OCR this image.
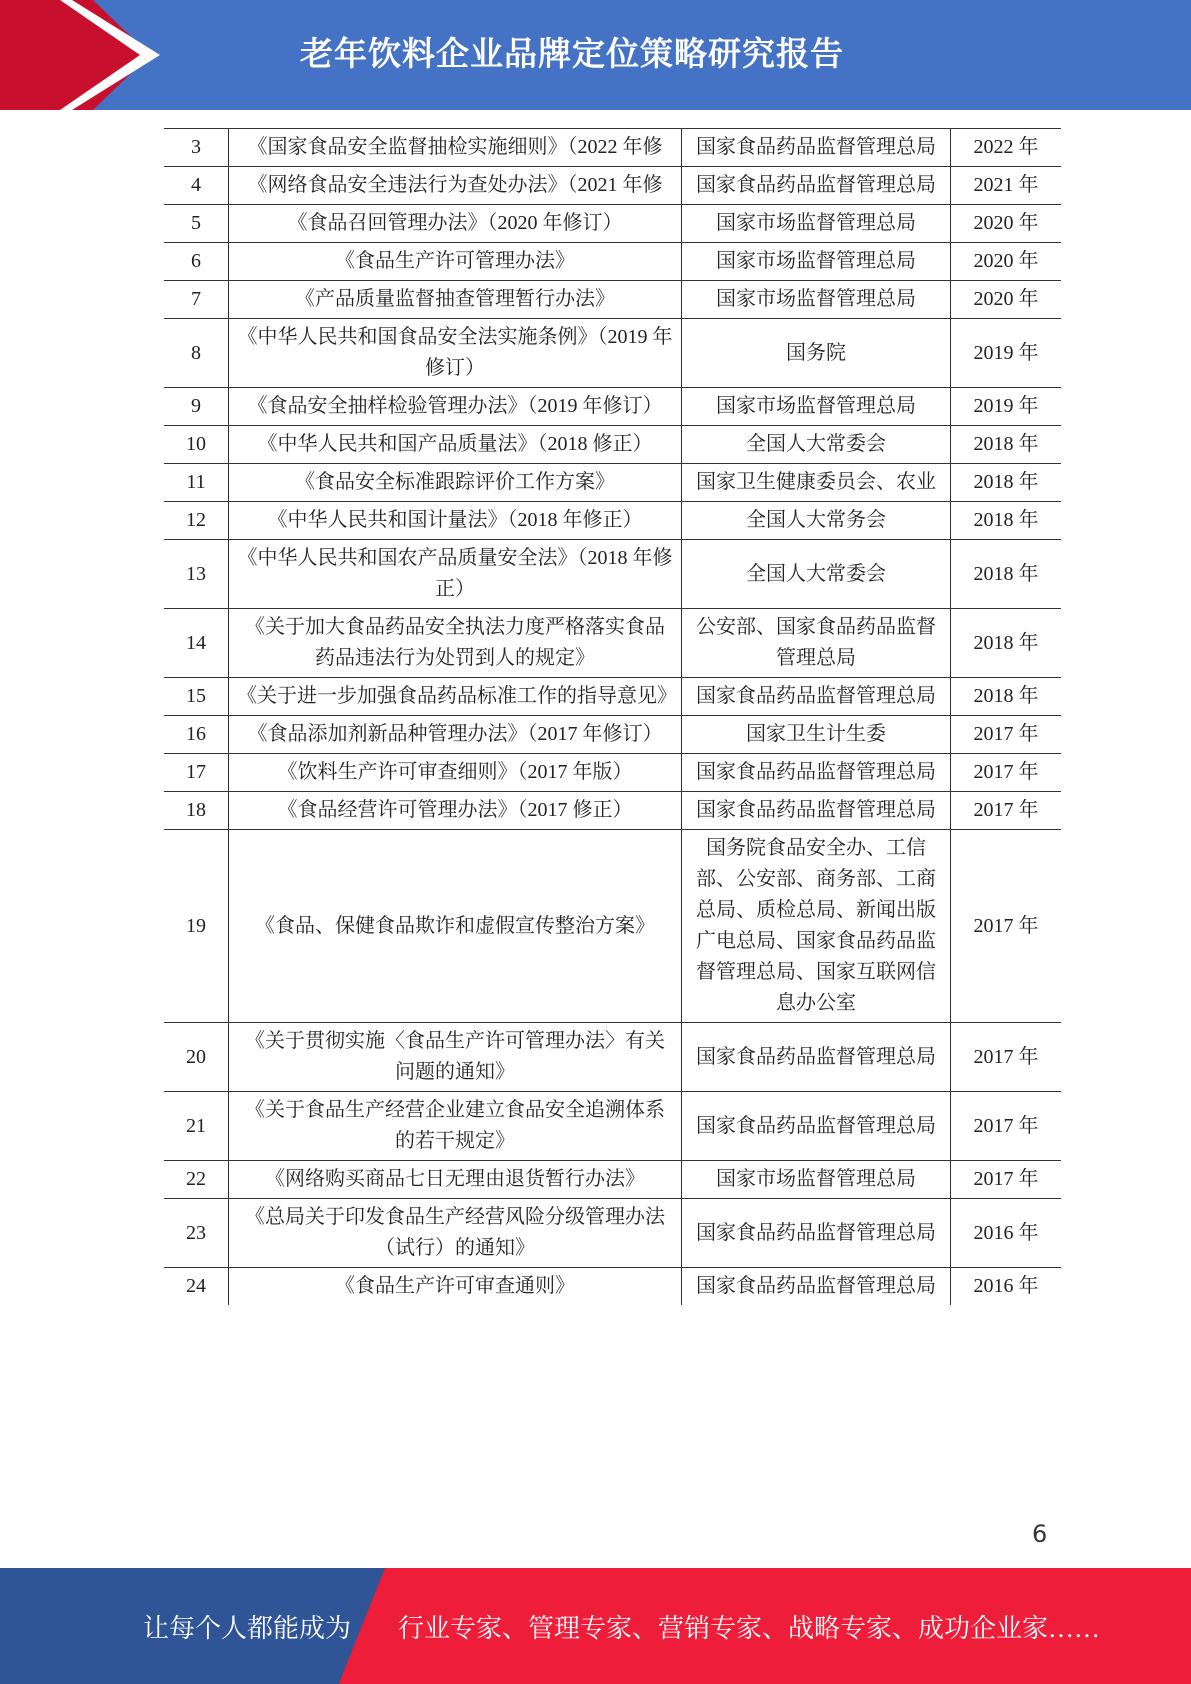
老年饮料企业品牌定位策略研究报告
3	《国家食品安全监督抽检实施细则》（2022 年修	国家食品药品监督管理总局	2022 年

4	《网络食品安全违法行为查处办法》（2021 年修	国家食品药品监督管理总局	2021 年

5	《食品召回管理办法》（2020 年修订）	国家市场监督管理总局	2020 年

6	《食品生产许可管理办法》	国家市场监督管理总局	2020 年

7	《产品质量监督抽查管理暂行办法》	国家市场监督管理总局	2020 年

8	《中华人民共和国食品安全法实施条例》（2019 年修订）	国务院	2019 年

9	《食品安全抽样检验管理办法》（2019 年修订）	国家市场监督管理总局	2019 年

10	《中华人民共和国产品质量法》（2018 修正）	全国人大常委会	2018 年

11	《食品安全标准跟踪评价工作方案》	国家卫生健康委员会、农业	2018 年

12	《中华人民共和国计量法》（2018 年修正）	全国人大常务会	2018 年

13	《中华人民共和国农产品质量安全法》（2018 年修正）	全国人大常委会	2018 年

14	《关于加大食品药品安全执法力度严格落实食品药品违法行为处罚到人的规定》	公安部、国家食品药品监督管理总局	2018 年

15	《关于进一步加强食品药品标准工作的指导意见》	国家食品药品监督管理总局	2018 年

16	《食品添加剂新品种管理办法》（2017 年修订）	国家卫生计生委	2017 年

17	《饮料生产许可审查细则》（2017 年版）	国家食品药品监督管理总局	2017 年

18	《食品经营许可管理办法》（2017 修正）	国家食品药品监督管理总局	2017 年

19	《食品、保健食品欺诈和虚假宣传整治方案》	国务院食品安全办、工信部、公安部、商务部、工商总局、质检总局、新闻出版广电总局、国家食品药品监督管理总局、国家互联网信息办公室	2017 年

20	《关于贯彻实施〈食品生产许可管理办法〉有关问题的通知》	国家食品药品监督管理总局	2017 年

21	《关于食品生产经营企业建立食品安全追溯体系的若干规定》	国家食品药品监督管理总局	2017 年

22	《网络购买商品七日无理由退货暂行办法》	国家市场监督管理总局	2017 年

23	《总局关于印发食品生产经营风险分级管理办法（试行）的通知》	国家食品药品监督管理总局	2016 年

24	《食品生产许可审查通则》	国家食品药品监督管理总局	2016 年
6
让每个人都能成为 行业专家、管理专家、营销专家、战略专家、成功企业家……
